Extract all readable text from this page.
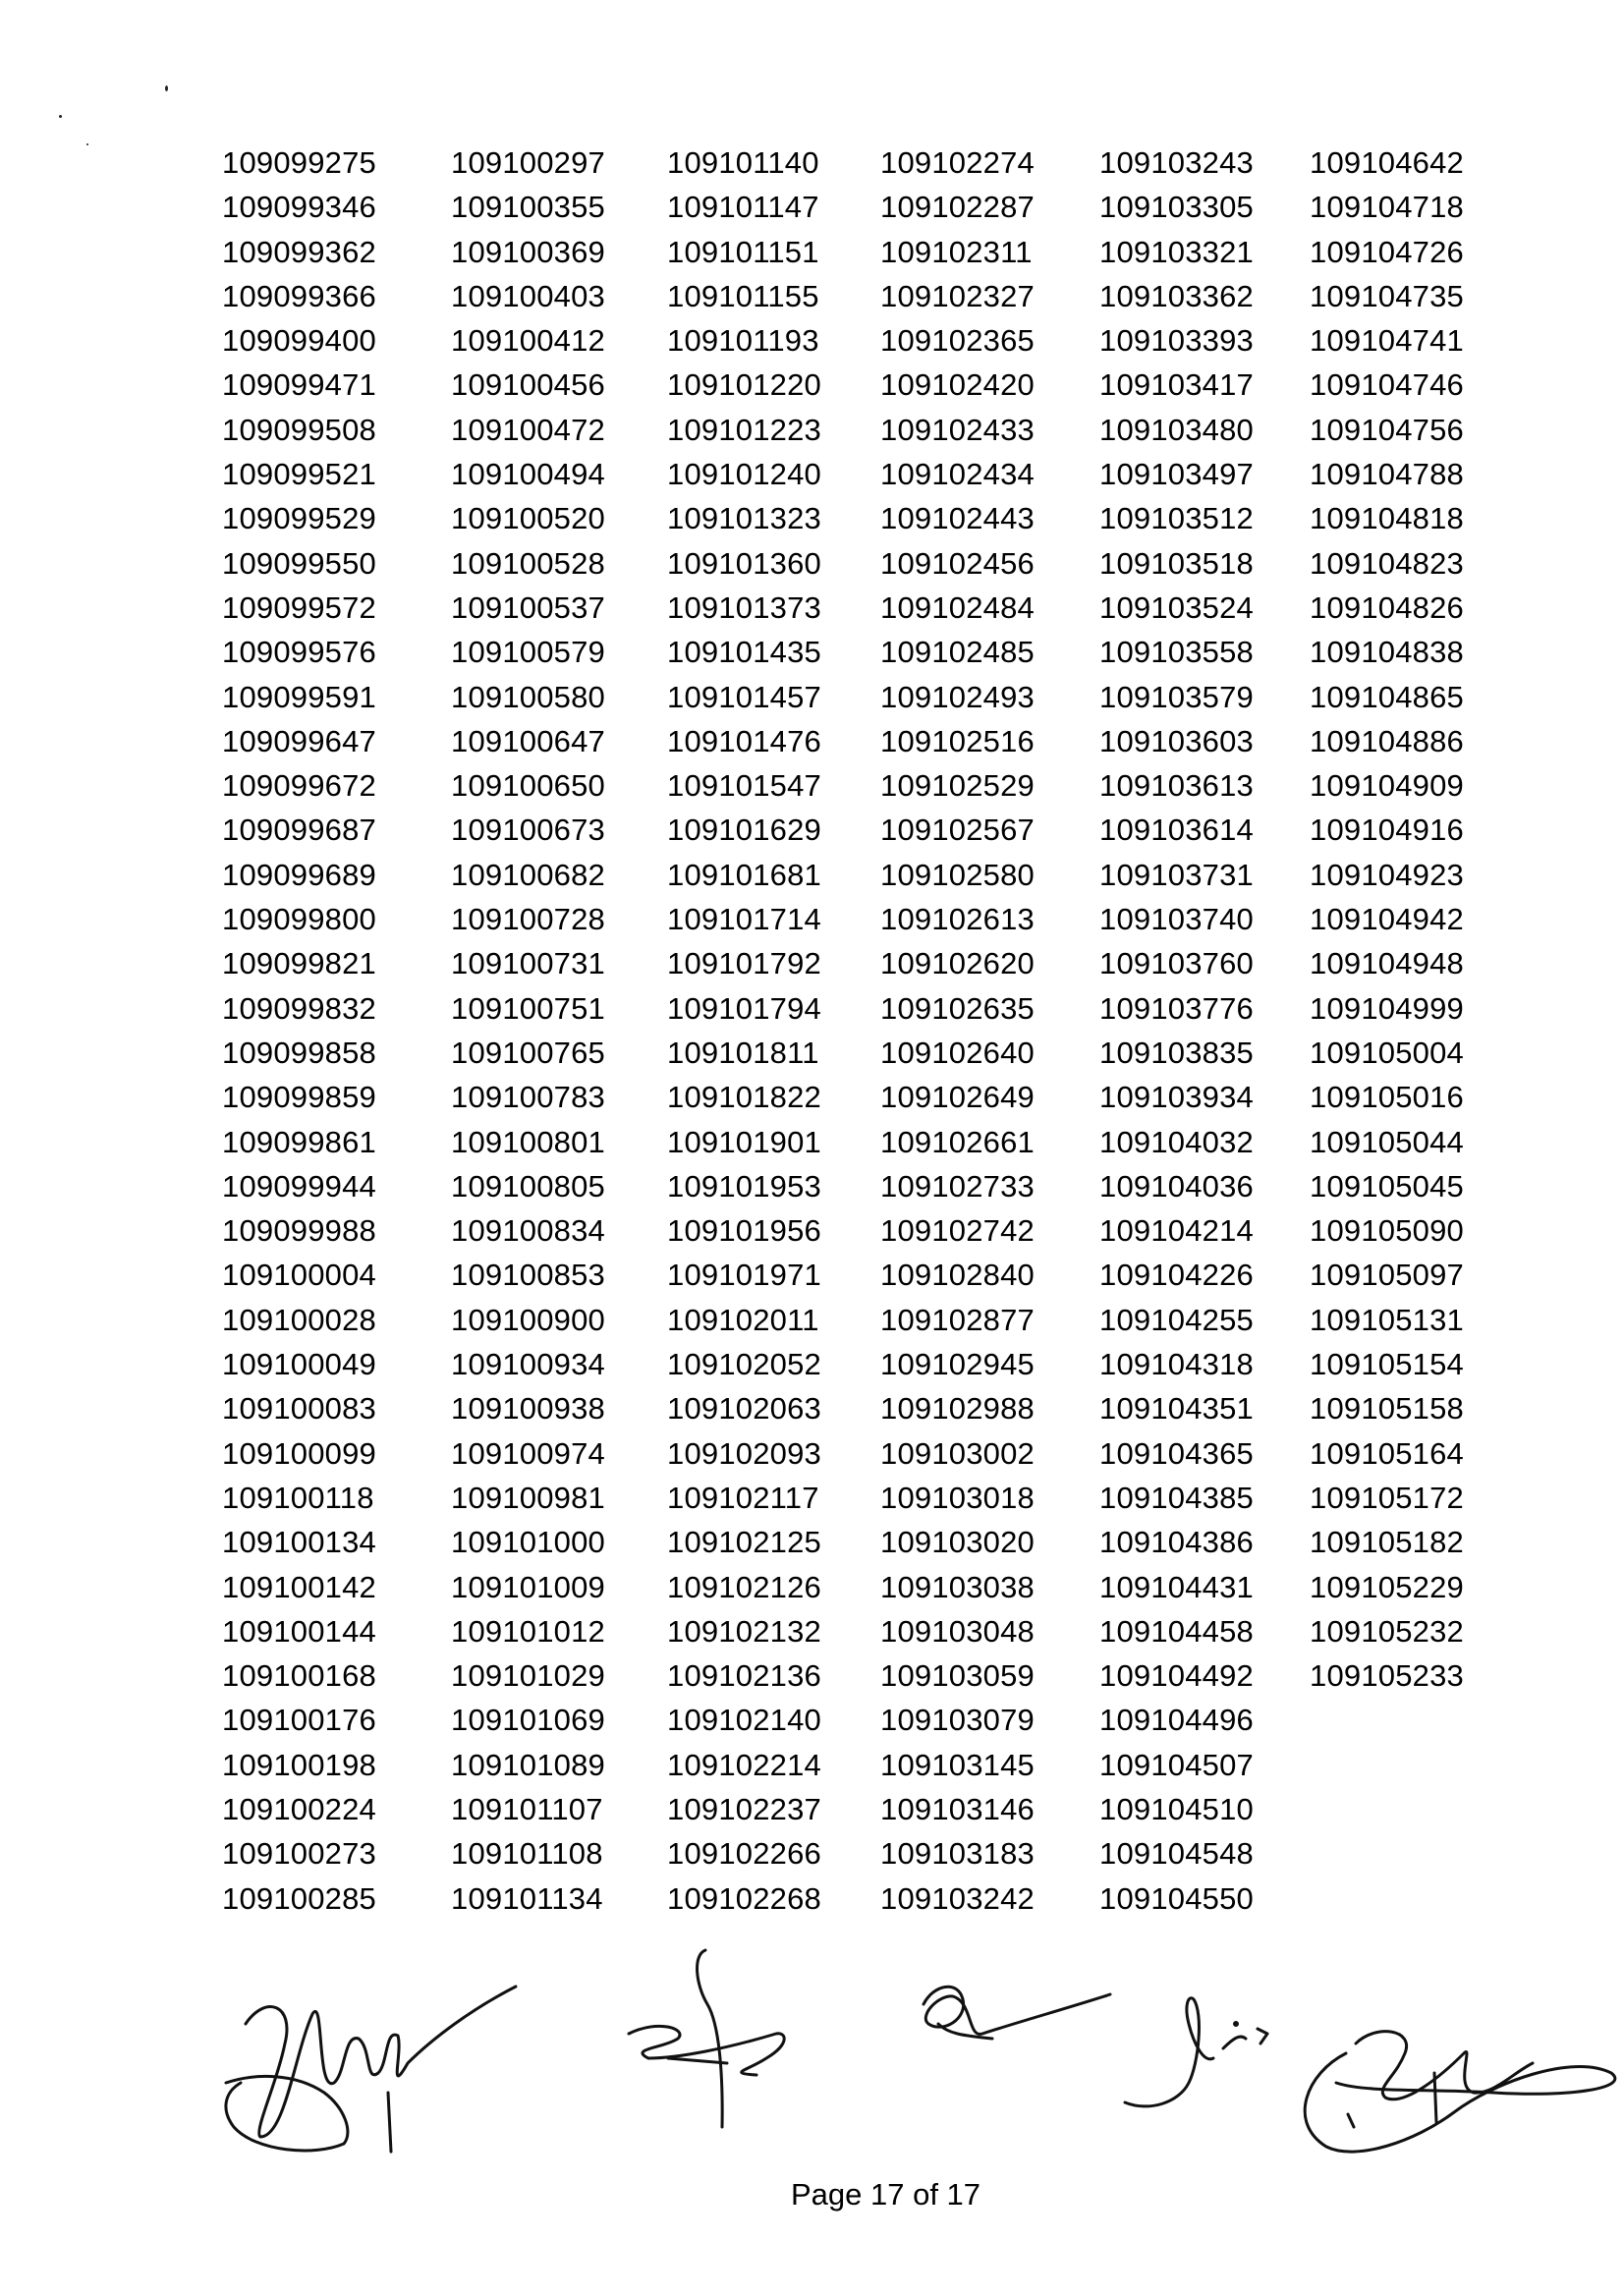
109099275
109099346
109099362
109099366
109099400
109099471
109099508
109099521
109099529
109099550
109099572
109099576
109099591
109099647
109099672
109099687
109099689
109099800
109099821
109099832
109099858
109099859
109099861
109099944
109099988
109100004
109100028
109100049
109100083
109100099
109100118
109100134
109100142
109100144
109100168
109100176
109100198
109100224
109100273
109100285
109100297
109100355
109100369
109100403
109100412
109100456
109100472
109100494
109100520
109100528
109100537
109100579
109100580
109100647
109100650
109100673
109100682
109100728
109100731
109100751
109100765
109100783
109100801
109100805
109100834
109100853
109100900
109100934
109100938
109100974
109100981
109101000
109101009
109101012
109101029
109101069
109101089
109101107
109101108
109101134
109101140
109101147
109101151
109101155
109101193
109101220
109101223
109101240
109101323
109101360
109101373
109101435
109101457
109101476
109101547
109101629
109101681
109101714
109101792
109101794
109101811
109101822
109101901
109101953
109101956
109101971
109102011
109102052
109102063
109102093
109102117
109102125
109102126
109102132
109102136
109102140
109102214
109102237
109102266
109102268
109102274
109102287
109102311
109102327
109102365
109102420
109102433
109102434
109102443
109102456
109102484
109102485
109102493
109102516
109102529
109102567
109102580
109102613
109102620
109102635
109102640
109102649
109102661
109102733
109102742
109102840
109102877
109102945
109102988
109103002
109103018
109103020
109103038
109103048
109103059
109103079
109103145
109103146
109103183
109103242
109103243
109103305
109103321
109103362
109103393
109103417
109103480
109103497
109103512
109103518
109103524
109103558
109103579
109103603
109103613
109103614
109103731
109103740
109103760
109103776
109103835
109103934
109104032
109104036
109104214
109104226
109104255
109104318
109104351
109104365
109104385
109104386
109104431
109104458
109104492
109104496
109104507
109104510
109104548
109104550
109104642
109104718
109104726
109104735
109104741
109104746
109104756
109104788
109104818
109104823
109104826
109104838
109104865
109104886
109104909
109104916
109104923
109104942
109104948
109104999
109105004
109105016
109105044
109105045
109105090
109105097
109105131
109105154
109105158
109105164
109105172
109105182
109105229
109105232
109105233
Page 17 of 17
